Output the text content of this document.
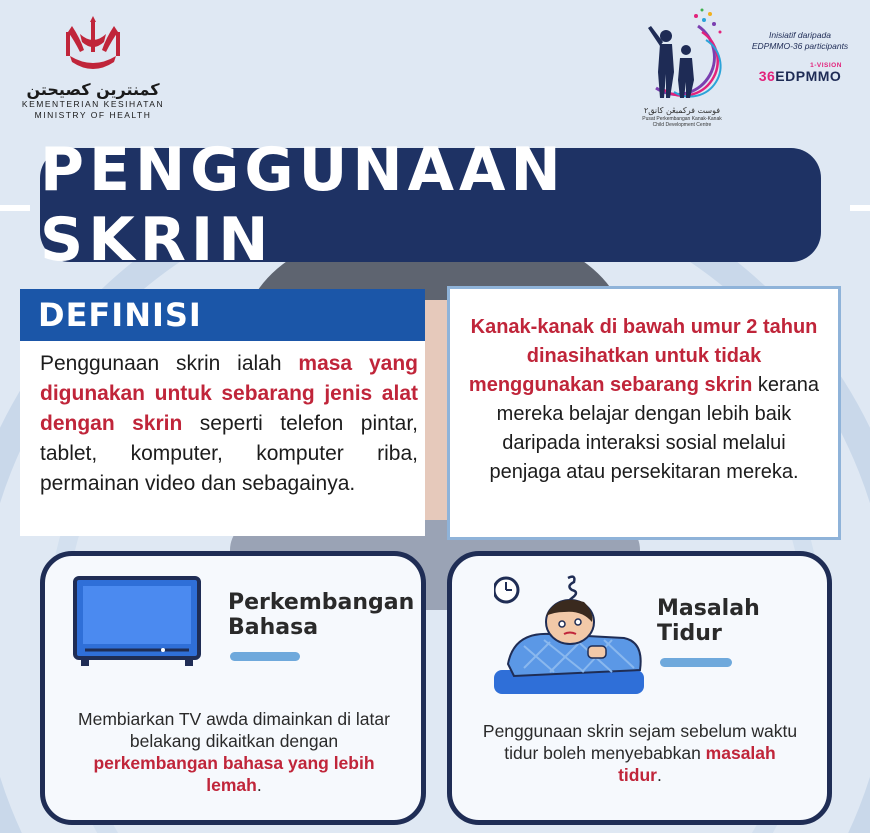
کمنترين کصيحتن
KEMENTERIAN KESIHATAN
MINISTRY OF HEALTH	فوست فركمبڠن كانق٢
Pusat Perkembangan Kanak-Kanak
Child Development Centre
Inisiatif daripada
EDPMMO-36 participants
1-VISION
36EDPMMO
PENGGUNAAN SKRIN
DEFINISI
Penggunaan skrin ialah masa yang digunakan untuk sebarang jenis alat dengan skrin seperti telefon pintar, tablet, komputer, komputer riba, permainan video dan sebagainya.
Kanak-kanak di bawah umur 2 tahun dinasihatkan untuk tidak menggunakan sebarang skrin kerana mereka belajar dengan lebih baik daripada interaksi sosial melalui penjaga atau persekitaran mereka.
Perkembangan
Bahasa

Membiarkan TV awda dimainkan di latar belakang dikaitkan dengan perkembangan bahasa yang lebih lemah.

Masalah
Tidur

Penggunaan skrin sejam sebelum waktu tidur boleh menyebabkan masalah tidur.
